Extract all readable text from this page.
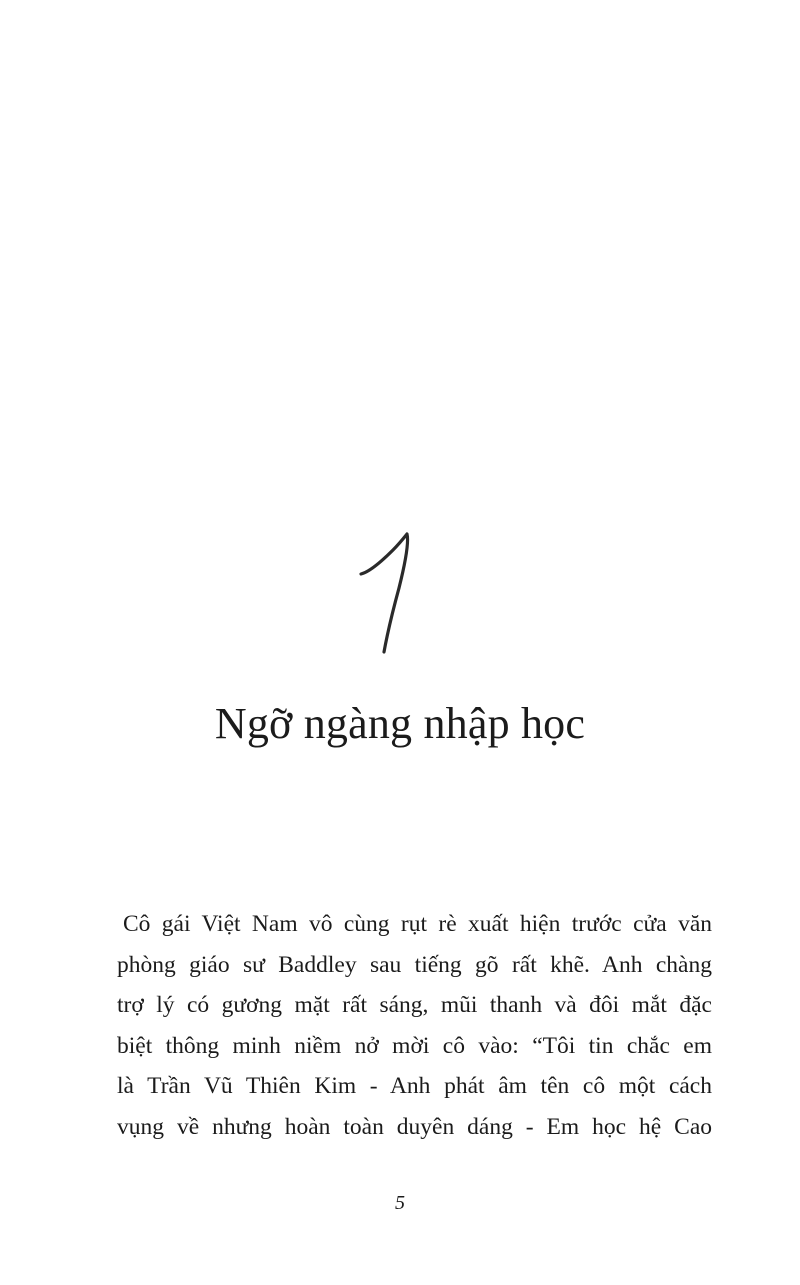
Ngỡ ngàng nhập học
Cô gái Việt Nam vô cùng rụt rè xuất hiện trước cửa văn
phòng giáo sư Baddley sau tiếng gõ rất khẽ. Anh chàng
trợ lý có gương mặt rất sáng, mũi thanh và đôi mắt đặc
biệt thông minh niềm nở mời cô vào: “Tôi tin chắc em
là Trần Vũ Thiên Kim - Anh phát âm tên cô một cách
vụng về nhưng hoàn toàn duyên dáng - Em học hệ Cao
5
